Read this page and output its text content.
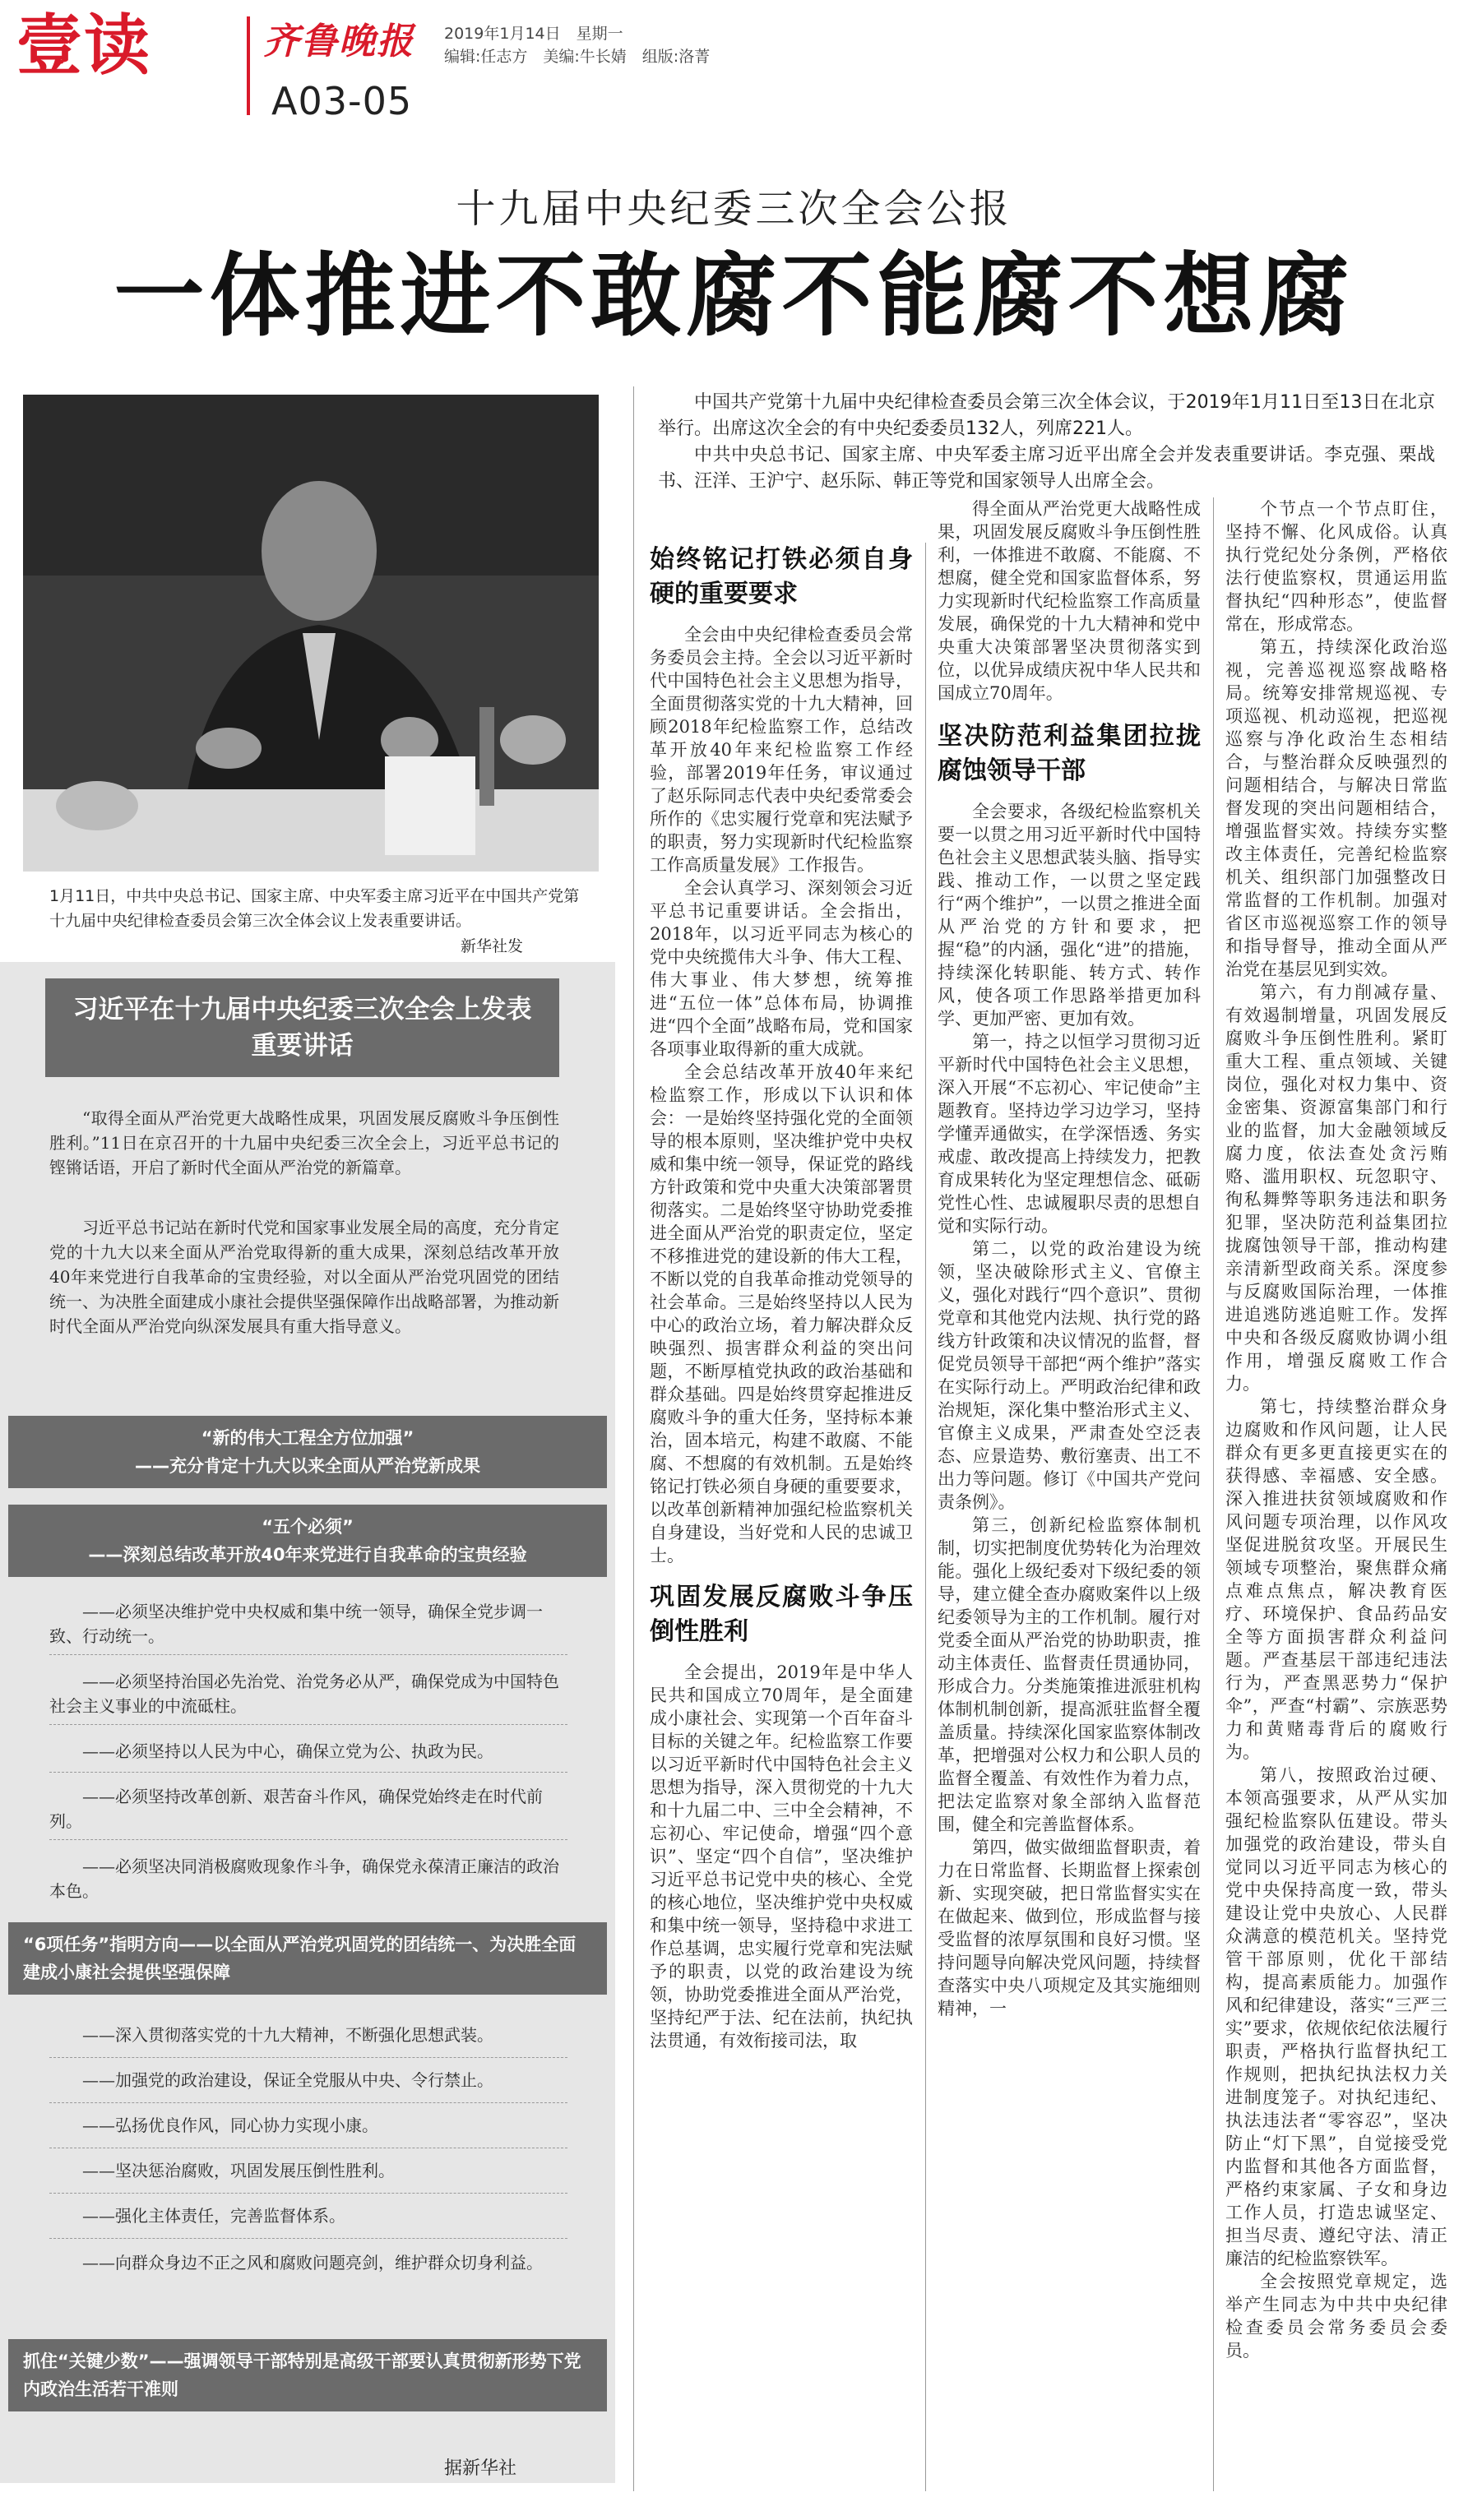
壹读	齐鲁晚报 2019年1月14日　星期一
编辑:任志方　美编:牛长婧　组版:洛菁
A03-05
十九届中央纪委三次全会公报
一体推进不敢腐不能腐不想腐
1月11日，中共中央总书记、国家主席、中央军委主席习近平在中国共产党第十九届中央纪律检查委员会第三次全体会议上发表重要讲话。
新华社发
中国共产党第十九届中央纪律检查委员会第三次全体会议，于2019年1月11日至13日在北京举行。出席这次全会的有中央纪委委员132人，列席221人。
中共中央总书记、国家主席、中央军委主席习近平出席全会并发表重要讲话。李克强、栗战书、汪洋、王沪宁、赵乐际、韩正等党和国家领导人出席全会。
习近平在十九届中央纪委三次全会上发表重要讲话
“取得全面从严治党更大战略性成果，巩固发展反腐败斗争压倒性胜利。”11日在京召开的十九届中央纪委三次全会上，习近平总书记的铿锵话语，开启了新时代全面从严治党的新篇章。
习近平总书记站在新时代党和国家事业发展全局的高度，充分肯定党的十九大以来全面从严治党取得新的重大成果，深刻总结改革开放40年来党进行自我革命的宝贵经验，对以全面从严治党巩固党的团结统一、为决胜全面建成小康社会提供坚强保障作出战略部署，为推动新时代全面从严治党向纵深发展具有重大指导意义。
“新的伟大工程全方位加强”
——充分肯定十九大以来全面从严治党新成果
“五个必须”
——深刻总结改革开放40年来党进行自我革命的宝贵经验
——必须坚决维护党中央权威和集中统一领导，确保全党步调一致、行动统一。
——必须坚持治国必先治党、治党务必从严，确保党成为中国特色社会主义事业的中流砥柱。
——必须坚持以人民为中心，确保立党为公、执政为民。
——必须坚持改革创新、艰苦奋斗作风，确保党始终走在时代前列。
——必须坚决同消极腐败现象作斗争，确保党永葆清正廉洁的政治本色。
“6项任务”指明方向——以全面从严治党巩固党的团结统一、为决胜全面建成小康社会提供坚强保障
——深入贯彻落实党的十九大精神，不断强化思想武装。
——加强党的政治建设，保证全党服从中央、令行禁止。
——弘扬优良作风，同心协力实现小康。
——坚决惩治腐败，巩固发展压倒性胜利。
——强化主体责任，完善监督体系。
——向群众身边不正之风和腐败问题亮剑，维护群众切身利益。
抓住“关键少数”——强调领导干部特别是高级干部要认真贯彻新形势下党内政治生活若干准则
据新华社
始终铭记打铁必须自身硬的重要要求

全会由中央纪律检查委员会常务委员会主持。全会以习近平新时代中国特色社会主义思想为指导，全面贯彻落实党的十九大精神，回顾2018年纪检监察工作，总结改革开放40年来纪检监察工作经验，部署2019年任务，审议通过了赵乐际同志代表中央纪委常委会所作的《忠实履行党章和宪法赋予的职责，努力实现新时代纪检监察工作高质量发展》工作报告。

全会认真学习、深刻领会习近平总书记重要讲话。全会指出，2018年，以习近平同志为核心的党中央统揽伟大斗争、伟大工程、伟大事业、伟大梦想，统筹推进“五位一体”总体布局，协调推进“四个全面”战略布局，党和国家各项事业取得新的重大成就。

全会总结改革开放40年来纪检监察工作，形成以下认识和体会：一是始终坚持强化党的全面领导的根本原则，坚决维护党中央权威和集中统一领导，保证党的路线方针政策和党中央重大决策部署贯彻落实。二是始终坚守协助党委推进全面从严治党的职责定位，坚定不移推进党的建设新的伟大工程，不断以党的自我革命推动党领导的社会革命。三是始终坚持以人民为中心的政治立场，着力解决群众反映强烈、损害群众利益的突出问题，不断厚植党执政的政治基础和群众基础。四是始终贯穿起推进反腐败斗争的重大任务，坚持标本兼治，固本培元，构建不敢腐、不能腐、不想腐的有效机制。五是始终铭记打铁必须自身硬的重要要求，以改革创新精神加强纪检监察机关自身建设，当好党和人民的忠诚卫士。

巩固发展反腐败斗争压倒性胜利

全会提出，2019年是中华人民共和国成立70周年，是全面建成小康社会、实现第一个百年奋斗目标的关键之年。纪检监察工作要以习近平新时代中国特色社会主义思想为指导，深入贯彻党的十九大和十九届二中、三中全会精神，不忘初心、牢记使命，增强“四个意识”、坚定“四个自信”，坚决维护习近平总书记党中央的核心、全党的核心地位，坚决维护党中央权威和集中统一领导，坚持稳中求进工作总基调，忠实履行党章和宪法赋予的职责，以党的政治建设为统领，协助党委推进全面从严治党，坚持纪严于法、纪在法前，执纪执法贯通，有效衔接司法，取

得全面从严治党更大战略性成果，巩固发展反腐败斗争压倒性胜利，一体推进不敢腐、不能腐、不想腐，健全党和国家监督体系，努力实现新时代纪检监察工作高质量发展，确保党的十九大精神和党中央重大决策部署坚决贯彻落实到位，以优异成绩庆祝中华人民共和国成立70周年。

坚决防范利益集团拉拢腐蚀领导干部

全会要求，各级纪检监察机关要一以贯之用习近平新时代中国特色社会主义思想武装头脑、指导实践、推动工作，一以贯之坚定践行“两个维护”，一以贯之推进全面从严治党的方针和要求，把握“稳”的内涵，强化“进”的措施，持续深化转职能、转方式、转作风，使各项工作思路举措更加科学、更加严密、更加有效。

第一，持之以恒学习贯彻习近平新时代中国特色社会主义思想，深入开展“不忘初心、牢记使命”主题教育。坚持边学习边学习，坚持学懂弄通做实，在学深悟透、务实戒虚、敢改提高上持续发力，把教育成果转化为坚定理想信念、砥砺党性心性、忠诚履职尽责的思想自觉和实际行动。

第二，以党的政治建设为统领，坚决破除形式主义、官僚主义，强化对践行“四个意识”、贯彻党章和其他党内法规、执行党的路线方针政策和决议情况的监督，督促党员领导干部把“两个维护”落实在实际行动上。严明政治纪律和政治规矩，深化集中整治形式主义、官僚主义成果，严肃查处空泛表态、应景造势、敷衍塞责、出工不出力等问题。修订《中国共产党问责条例》。

第三，创新纪检监察体制机制，切实把制度优势转化为治理效能。强化上级纪委对下级纪委的领导，建立健全查办腐败案件以上级纪委领导为主的工作机制。履行对党委全面从严治党的协助职责，推动主体责任、监督责任贯通协同，形成合力。分类施策推进派驻机构体制机制创新，提高派驻监督全覆盖质量。持续深化国家监察体制改革，把增强对公权力和公职人员的监督全覆盖、有效性作为着力点，把法定监察对象全部纳入监督范围，健全和完善监督体系。

第四，做实做细监督职责，着力在日常监督、长期监督上探索创新、实现突破，把日常监督实实在在做起来、做到位，形成监督与接受监督的浓厚氛围和良好习惯。坚持问题导向解决党风问题，持续督查落实中央八项规定及其实施细则精神，一

个节点一个节点盯住，坚持不懈、化风成俗。认真执行党纪处分条例，严格依法行使监察权，贯通运用监督执纪“四种形态”，使监督常在，形成常态。

第五，持续深化政治巡视，完善巡视巡察战略格局。统筹安排常规巡视、专项巡视、机动巡视，把巡视巡察与净化政治生态相结合，与整治群众反映强烈的问题相结合，与解决日常监督发现的突出问题相结合，增强监督实效。持续夯实整改主体责任，完善纪检监察机关、组织部门加强整改日常监督的工作机制。加强对省区市巡视巡察工作的领导和指导督导，推动全面从严治党在基层见到实效。

第六，有力削减存量、有效遏制增量，巩固发展反腐败斗争压倒性胜利。紧盯重大工程、重点领域、关键岗位，强化对权力集中、资金密集、资源富集部门和行业的监督，加大金融领域反腐力度，依法查处贪污贿赂、滥用职权、玩忽职守、徇私舞弊等职务违法和职务犯罪，坚决防范利益集团拉拢腐蚀领导干部，推动构建亲清新型政商关系。深度参与反腐败国际治理，一体推进追逃防逃追赃工作。发挥中央和各级反腐败协调小组作用，增强反腐败工作合力。

第七，持续整治群众身边腐败和作风问题，让人民群众有更多更直接更实在的获得感、幸福感、安全感。深入推进扶贫领域腐败和作风问题专项治理，以作风攻坚促进脱贫攻坚。开展民生领域专项整治，聚焦群众痛点难点焦点，解决教育医疗、环境保护、食品药品安全等方面损害群众利益问题。严查基层干部违纪违法行为，严查黑恶势力“保护伞”，严查“村霸”、宗族恶势力和黄赌毒背后的腐败行为。

第八，按照政治过硬、本领高强要求，从严从实加强纪检监察队伍建设。带头加强党的政治建设，带头自觉同以习近平同志为核心的党中央保持高度一致，带头建设让党中央放心、人民群众满意的模范机关。坚持党管干部原则，优化干部结构，提高素质能力。加强作风和纪律建设，落实“三严三实”要求，依规依纪依法履行职责，严格执行监督执纪工作规则，把执纪执法权力关进制度笼子。对执纪违纪、执法违法者“零容忍”，坚决防止“灯下黑”，自觉接受党内监督和其他各方面监督，严格约束家属、子女和身边工作人员，打造忠诚坚定、担当尽责、遵纪守法、清正廉洁的纪检监察铁军。

全会按照党章规定，选举产生同志为中共中央纪律检查委员会常务委员会委员。
